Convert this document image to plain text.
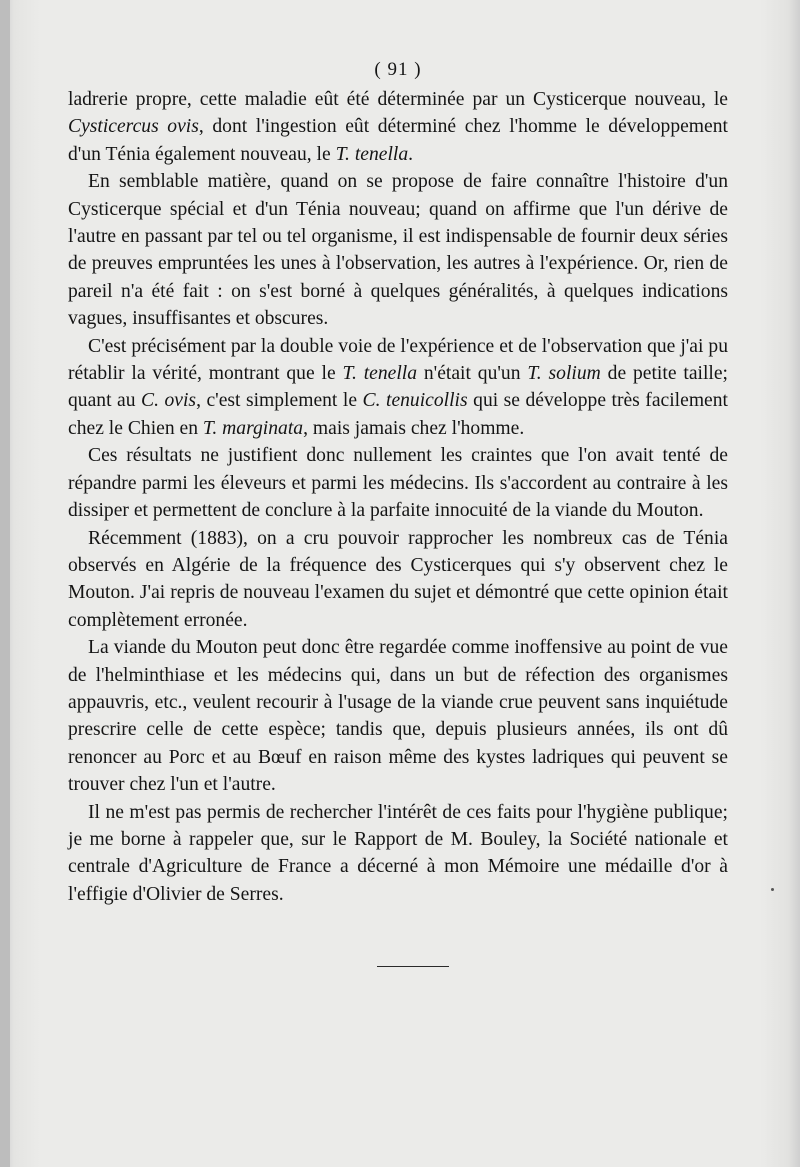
( 91 )

ladrerie propre, cette maladie eût été déterminée par un Cysticerque nouveau, le Cysticercus ovis, dont l'ingestion eût déterminé chez l'homme le développement d'un Ténia également nouveau, le T. tenella.

En semblable matière, quand on se propose de faire connaître l'histoire d'un Cysticerque spécial et d'un Ténia nouveau; quand on affirme que l'un dérive de l'autre en passant par tel ou tel organisme, il est indispensable de fournir deux séries de preuves empruntées les unes à l'observation, les autres à l'expérience. Or, rien de pareil n'a été fait : on s'est borné à quelques généralités, à quelques indications vagues, insuffisantes et obscures.

C'est précisément par la double voie de l'expérience et de l'observation que j'ai pu rétablir la vérité, montrant que le T. tenella n'était qu'un T. solium de petite taille; quant au C. ovis, c'est simplement le C. tenuicollis qui se développe très facilement chez le Chien en T. marginata, mais jamais chez l'homme.

Ces résultats ne justifient donc nullement les craintes que l'on avait tenté de répandre parmi les éleveurs et parmi les médecins. Ils s'accordent au contraire à les dissiper et permettent de conclure à la parfaite innocuité de la viande du Mouton.

Récemment (1883), on a cru pouvoir rapprocher les nombreux cas de Ténia observés en Algérie de la fréquence des Cysticerques qui s'y observent chez le Mouton. J'ai repris de nouveau l'examen du sujet et démontré que cette opinion était complètement erronée.

La viande du Mouton peut donc être regardée comme inoffensive au point de vue de l'helminthiase et les médecins qui, dans un but de réfection des organismes appauvris, etc., veulent recourir à l'usage de la viande crue peuvent sans inquiétude prescrire celle de cette espèce; tandis que, depuis plusieurs années, ils ont dû renoncer au Porc et au Bœuf en raison même des kystes ladriques qui peuvent se trouver chez l'un et l'autre.

Il ne m'est pas permis de rechercher l'intérêt de ces faits pour l'hygiène publique; je me borne à rappeler que, sur le Rapport de M. Bouley, la Société nationale et centrale d'Agriculture de France a décerné à mon Mémoire une médaille d'or à l'effigie d'Olivier de Serres.
